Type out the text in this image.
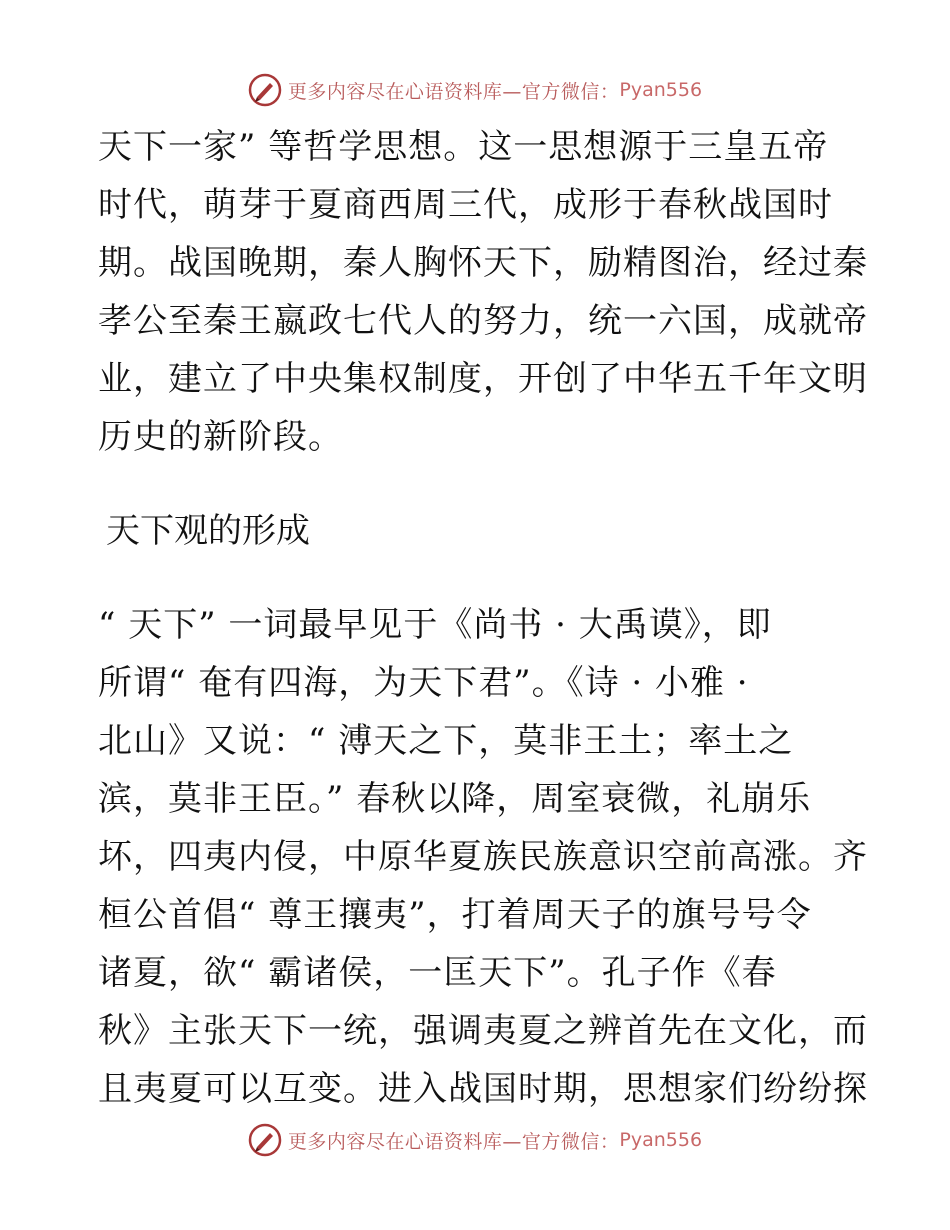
更多内容尽在心语资料库—官方微信： Pyan556
天下一家” 等哲学思想。这一思想源于三皇五帝
时代，萌芽于夏商西周三代，成形于春秋战国时
期。战国晚期，秦人胸怀天下，励精图治，经过秦
孝公至秦王嬴政七代人的努力，统一六国，成就帝
业，建立了中央集权制度，开创了中华五千年文明
历史的新阶段。
天下观的形成
“ 天下” 一词最早见于《尚书 · 大禹谟》，即
所谓“ 奄有四海，为天下君”。《诗 · 小雅 ·
北山》又说：“ 溥天之下，莫非王土；率土之
滨，莫非王臣。” 春秋以降，周室衰微，礼崩乐
坏，四夷内侵，中原华夏族民族意识空前高涨。齐
桓公首倡“ 尊王攘夷”，打着周天子的旗号号令
诸夏，欲“ 霸诸侯，一匡天下”。孔子作《春
秋》主张天下一统，强调夷夏之辨首先在文化，而
且夷夏可以互变。进入战国时期，思想家们纷纷探
更多内容尽在心语资料库—官方微信： Pyan556
